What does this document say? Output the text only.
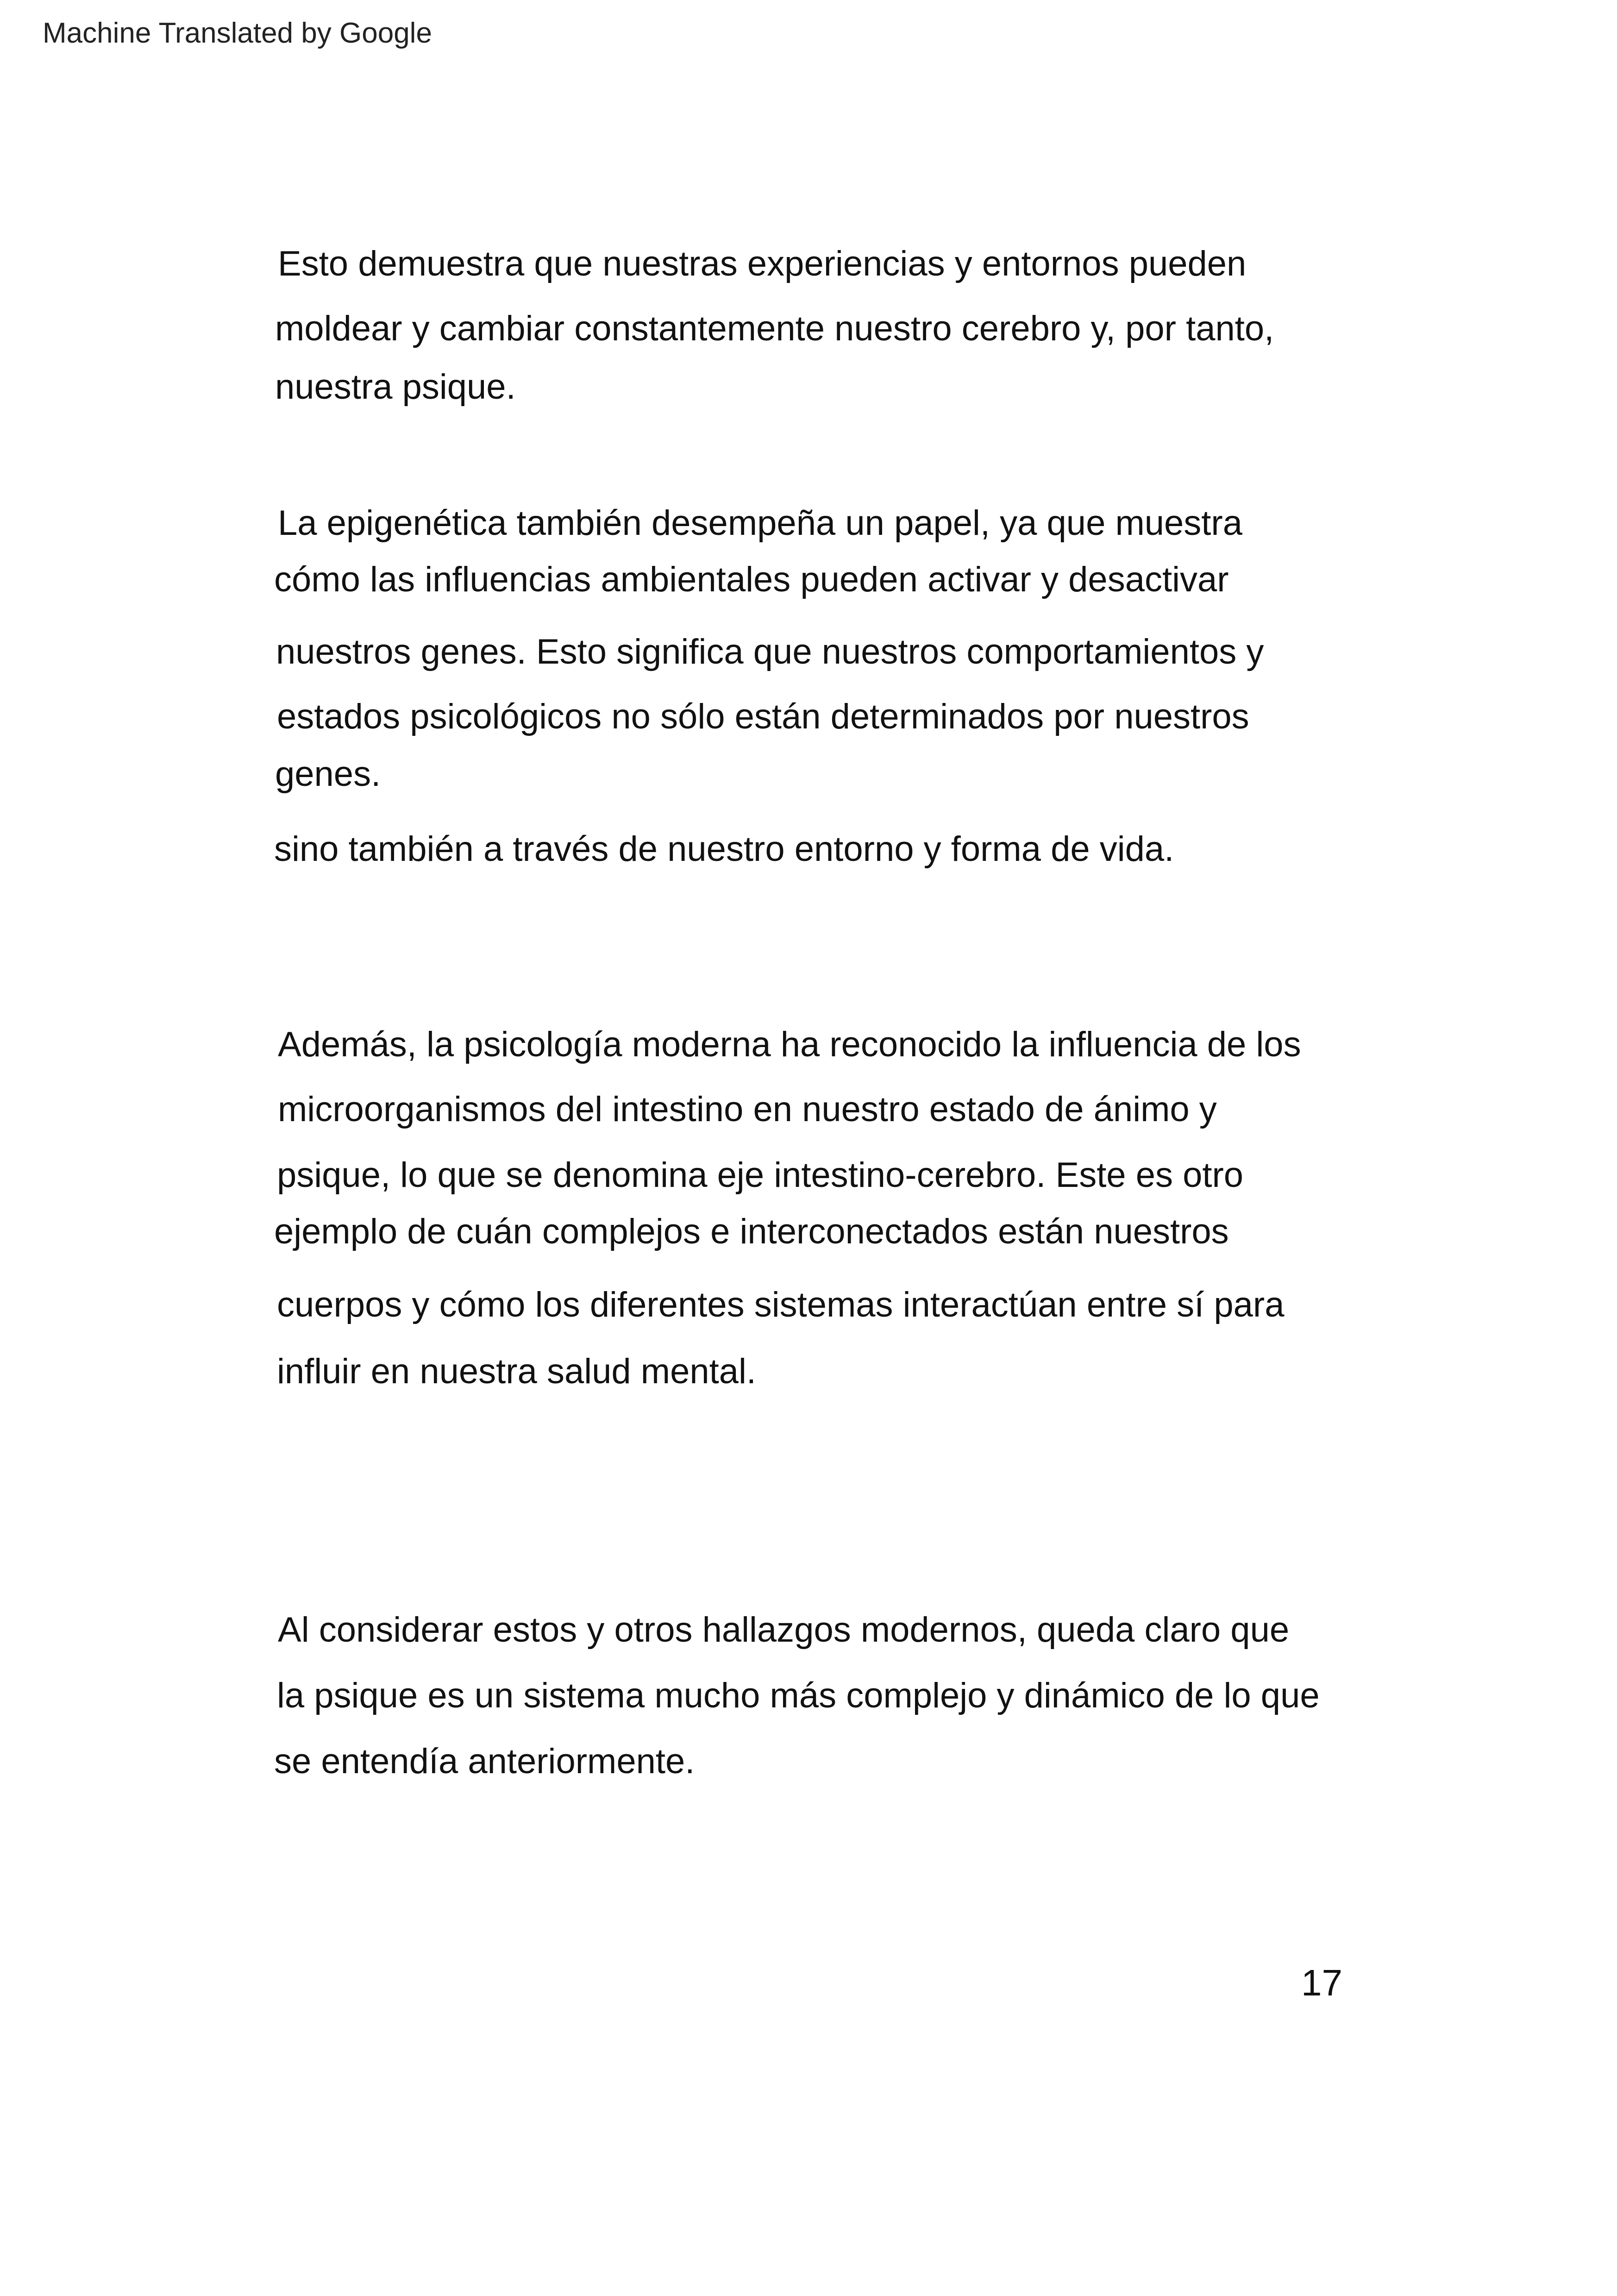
Machine Translated by Google
Esto demuestra que nuestras experiencias y entornos pueden
moldear y cambiar constantemente nuestro cerebro y, por tanto,
nuestra psique.
La epigenética también desempeña un papel, ya que muestra
cómo las influencias ambientales pueden activar y desactivar
nuestros genes. Esto significa que nuestros comportamientos y
estados psicológicos no sólo están determinados por nuestros
genes.
sino también a través de nuestro entorno y forma de vida.
Además, la psicología moderna ha reconocido la influencia de los
microorganismos del intestino en nuestro estado de ánimo y
psique, lo que se denomina eje intestino-cerebro. Este es otro
ejemplo de cuán complejos e interconectados están nuestros
cuerpos y cómo los diferentes sistemas interactúan entre sí para
influir en nuestra salud mental.
Al considerar estos y otros hallazgos modernos, queda claro que
la psique es un sistema mucho más complejo y dinámico de lo que
se entendía anteriormente.
17
